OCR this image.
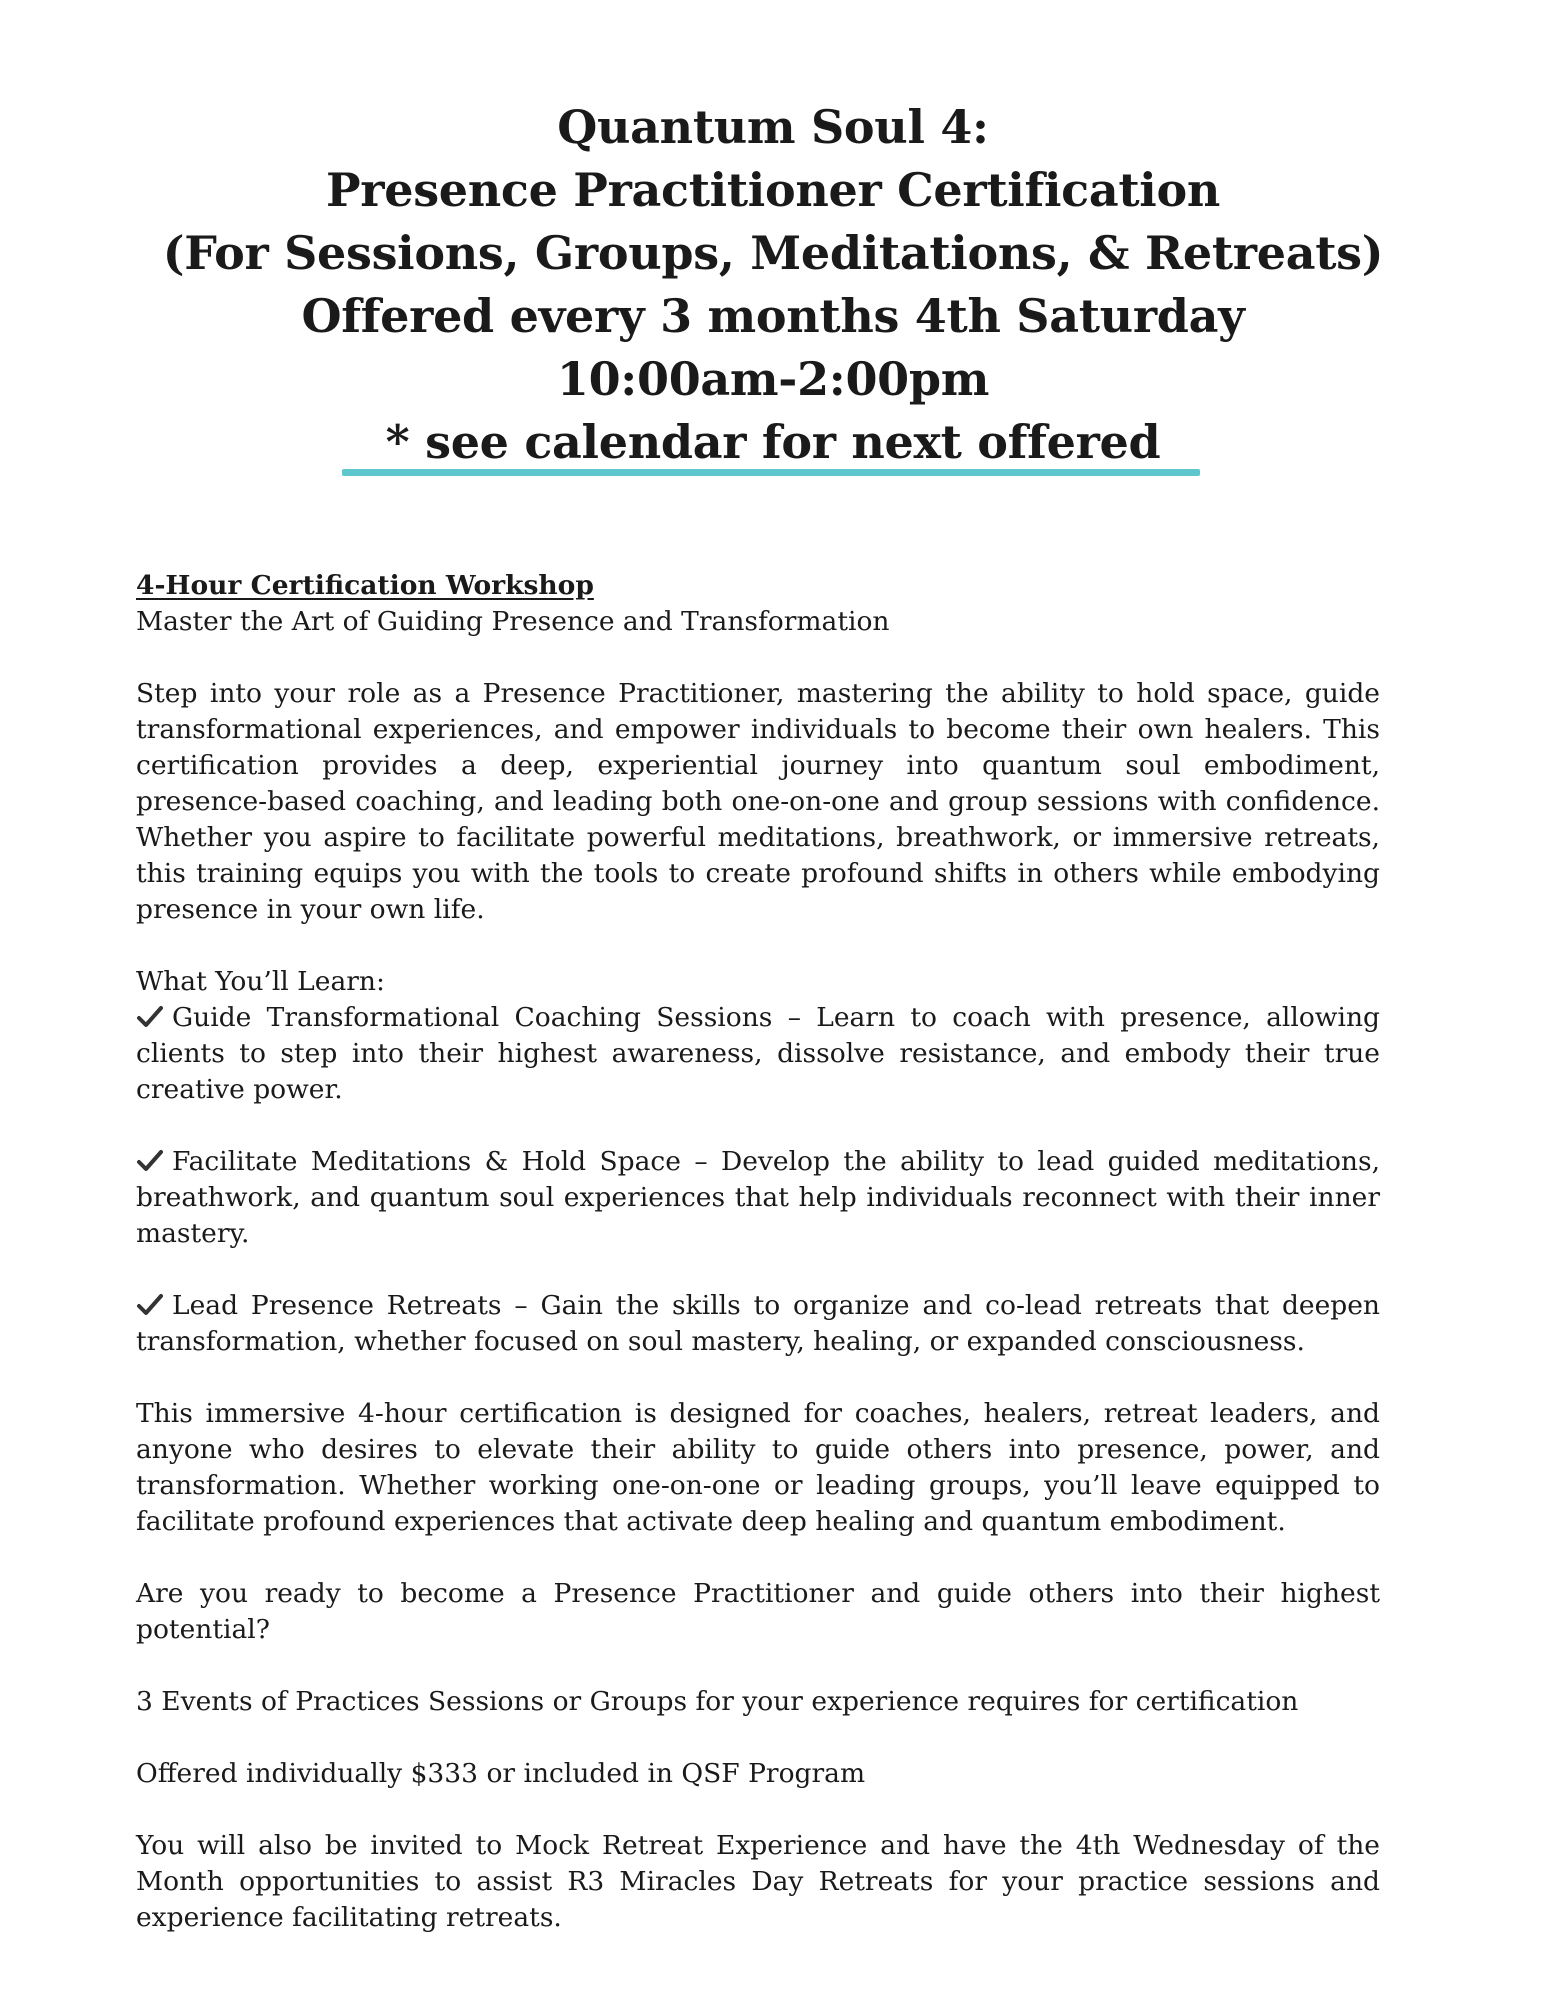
Quantum Soul 4:
Presence Practitioner Certification
(For Sessions, Groups, Meditations, & Retreats)
Offered every 3 months 4th Saturday
10:00am-2:00pm
* see calendar for next offered
4-Hour Certification Workshop
Master the Art of Guiding Presence and Transformation

Step into your role as a Presence Practitioner, mastering the ability to hold space, guide transformational experiences, and empower individuals to become their own healers. This certification provides a deep, experiential journey into quantum soul embodiment, presence-based coaching, and leading both one-on-one and group sessions with confidence. Whether you aspire to facilitate powerful meditations, breathwork, or immersive retreats, this training equips you with the tools to create profound shifts in others while embodying presence in your own life.

What You’ll Learn:

Guide Transformational Coaching Sessions – Learn to coach with presence, allowing clients to step into their highest awareness, dissolve resistance, and embody their true creative power.

Facilitate Meditations & Hold Space – Develop the ability to lead guided meditations, breathwork, and quantum soul experiences that help individuals reconnect with their inner mastery.

Lead Presence Retreats – Gain the skills to organize and co-lead retreats that deepen transformation, whether focused on soul mastery, healing, or expanded consciousness.

This immersive 4-hour certification is designed for coaches, healers, retreat leaders, and anyone who desires to elevate their ability to guide others into presence, power, and transformation. Whether working one-on-one or leading groups, you’ll leave equipped to facilitate profound experiences that activate deep healing and quantum embodiment.

Are you ready to become a Presence Practitioner and guide others into their highest potential?

3 Events of Practices Sessions or Groups for your experience requires for certification

Offered individually $333 or included in QSF Program

You will also be invited to Mock Retreat Experience and have the 4th Wednesday of the Month opportunities to assist R3 Miracles Day Retreats for your practice sessions and experience facilitating retreats.
